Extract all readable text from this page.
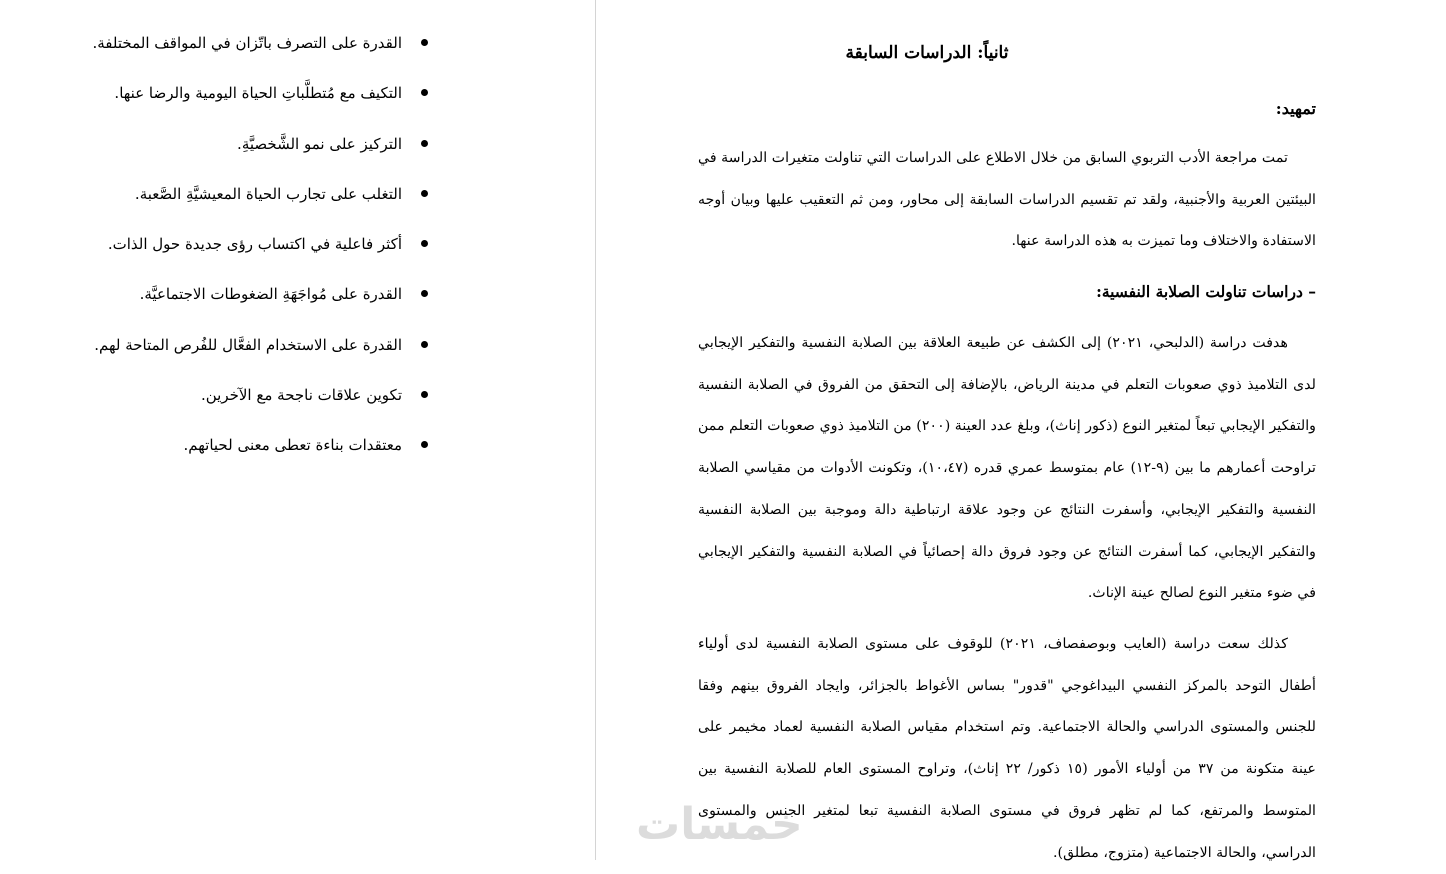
القدرة على التصرف باتّزان في المواقف المختلفة.
التكيف مع مُتطلَّباتِ الحياة اليومية والرضا عنها.
التركيز على نمو الشَّخصيَّةِ.
التغلب على تجارب الحياة المعيشيَّةِ الصَّعبة.
أكثر فاعلية في اكتساب رؤى جديدة حول الذات.
القدرة على مُواجَهَةِ الضغوطات الاجتماعيَّة.
القدرة على الاستخدام الفعَّال للفُرص المتاحة لهم.
تكوين علاقات ناجحة مع الآخرين.
معتقدات بناءة تعطى معنى لحياتهم.
ثانياً: الدراسات السابقة
تمهيد:
تمت مراجعة الأدب التربوي السابق من خلال الاطلاع على الدراسات التي تناولت متغيرات الدراسة في البيئتين العربية والأجنبية، ولقد تم تقسيم الدراسات السابقة إلى محاور، ومن ثم التعقيب عليها وبيان أوجه الاستفادة والاختلاف وما تميزت به هذه الدراسة عنها.
– دراسات تناولت الصلابة النفسية:
هدفت دراسة (الدلبحي، ٢٠٢١) إلى الكشف عن طبيعة العلاقة بين الصلابة النفسية والتفكير الإيجابي لدى التلاميذ ذوي صعوبات التعلم في مدينة الرياض، بالإضافة إلى التحقق من الفروق في الصلابة النفسية والتفكير الإيجابي تبعاً لمتغير النوع (ذكور إناث)، وبلغ عدد العينة (٢٠٠) من التلاميذ ذوي صعوبات التعلم ممن تراوحت أعمارهم ما بين (٩-١٢) عام بمتوسط عمري قدره (١٠،٤٧)، وتكونت الأدوات من مقياسي الصلابة النفسية والتفكير الإيجابي، وأسفرت النتائج عن وجود علاقة ارتباطية دالة وموجبة بين الصلابة النفسية والتفكير الإيجابي، كما أسفرت النتائج عن وجود فروق دالة إحصائياً في الصلابة النفسية والتفكير الإيجابي في ضوء متغير النوع لصالح عينة الإناث.
كذلك سعت دراسة (العايب وبوصفصاف، ٢٠٢١) للوقوف على مستوى الصلابة النفسية لدى أولياء أطفال التوحد بالمركز النفسي البيداغوجي "قدور" بساس الأغواط بالجزائر، وايجاد الفروق بينهم وفقا للجنس والمستوى الدراسي والحالة الاجتماعية. وتم استخدام مقياس الصلابة النفسية لعماد مخيمر على عينة متكونة من ٣٧ من أولياء الأمور (١٥ ذكور/ ٢٢ إناث)، وتراوح المستوى العام للصلابة النفسية بين المتوسط والمرتفع، كما لم تظهر فروق في مستوى الصلابة النفسية تبعا لمتغير الجنس والمستوى الدراسي، والحالة الاجتماعية (متزوج، مطلق).
خمسات
